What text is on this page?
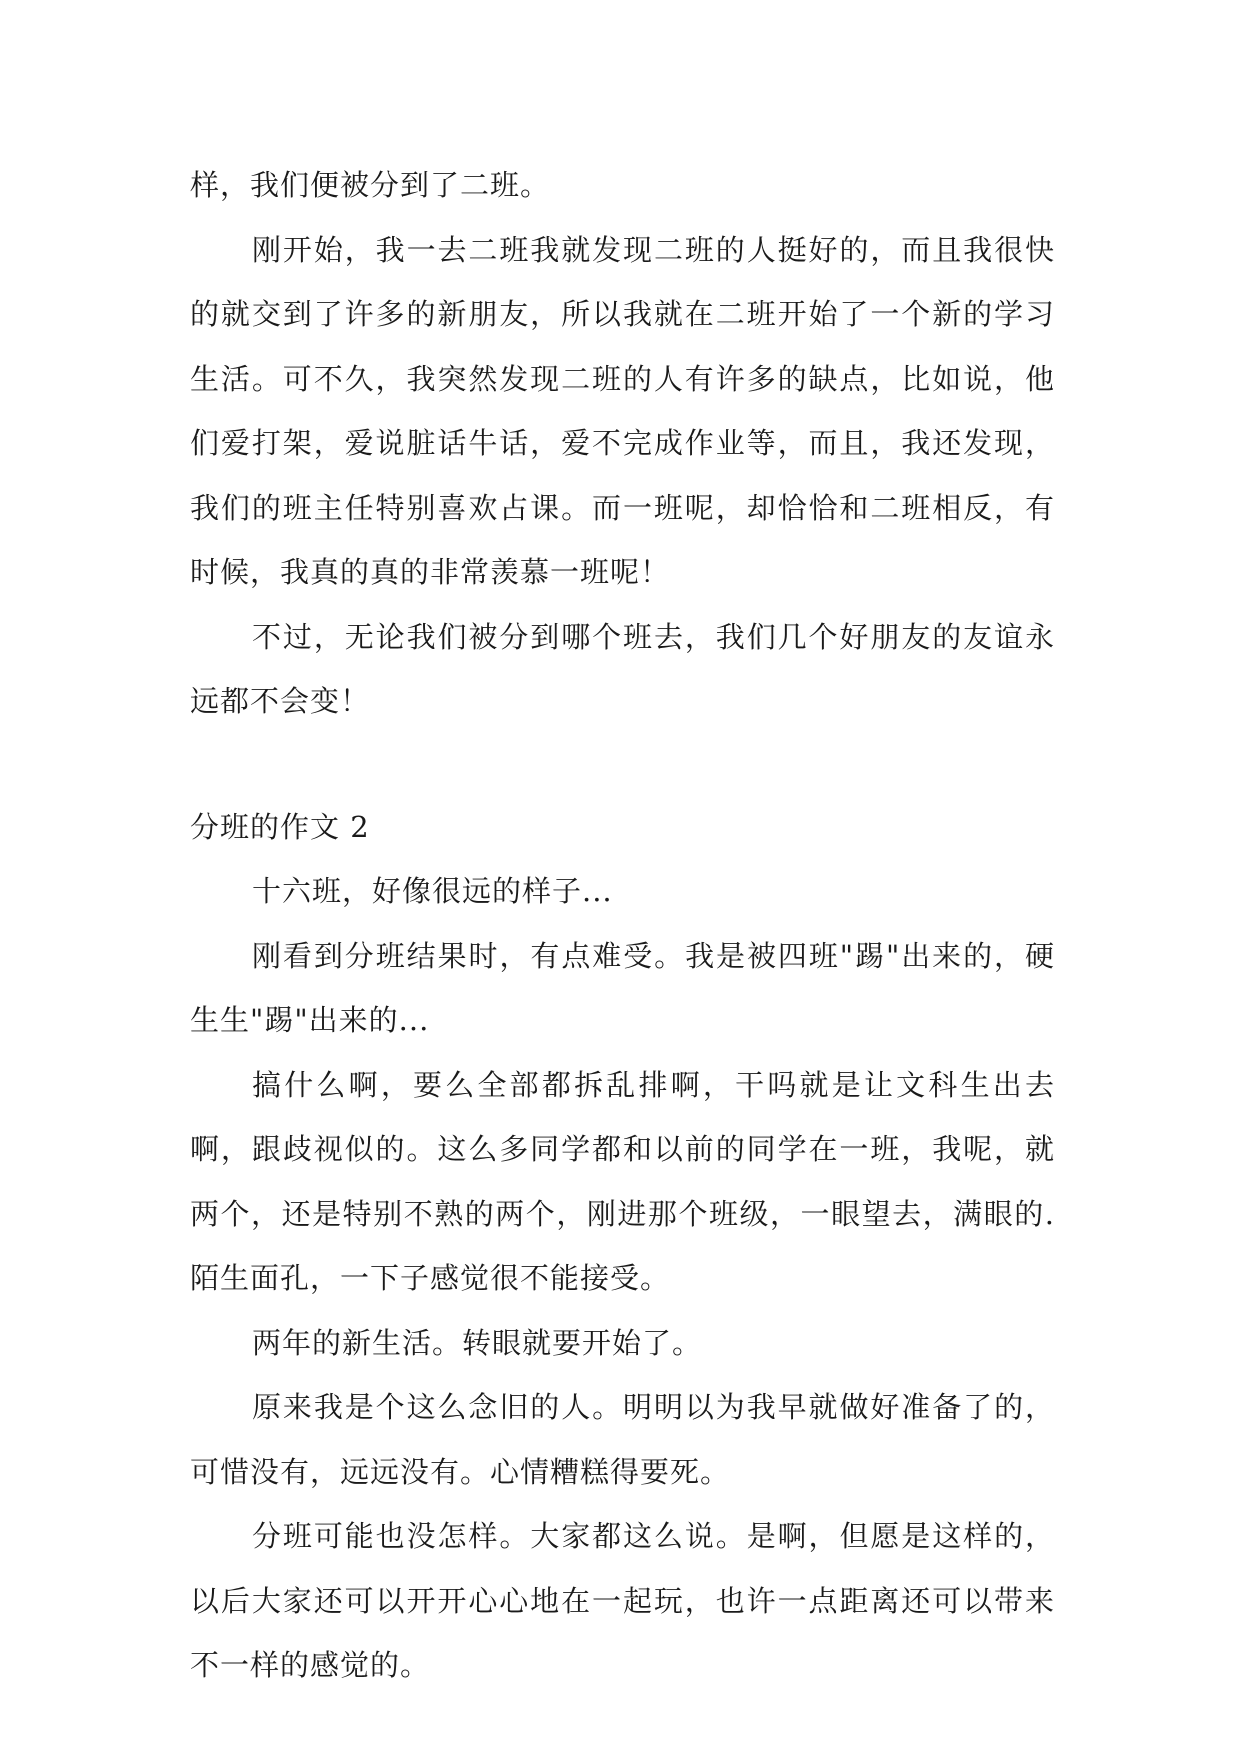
样，我们便被分到了二班。

刚开始，我一去二班我就发现二班的人挺好的，而且我很快的就交到了许多的新朋友，所以我就在二班开始了一个新的学习生活。可不久，我突然发现二班的人有许多的缺点，比如说，他们爱打架，爱说脏话牛话，爱不完成作业等，而且，我还发现，我们的班主任特别喜欢占课。而一班呢，却恰恰和二班相反，有时候，我真的真的非常羡慕一班呢！

不过，无论我们被分到哪个班去，我们几个好朋友的友谊永远都不会变！

分班的作文 2

十六班，好像很远的样子...

刚看到分班结果时，有点难受。我是被四班"踢"出来的，硬生生"踢"出来的...

搞什么啊，要么全部都拆乱排啊，干吗就是让文科生出去啊，跟歧视似的。这么多同学都和以前的同学在一班，我呢，就两个，还是特别不熟的两个，刚进那个班级，一眼望去，满眼的.陌生面孔，一下子感觉很不能接受。

两年的新生活。转眼就要开始了。

原来我是个这么念旧的人。明明以为我早就做好准备了的，可惜没有，远远没有。心情糟糕得要死。

分班可能也没怎样。大家都这么说。是啊，但愿是这样的，以后大家还可以开开心心地在一起玩，也许一点距离还可以带来不一样的感觉的。
